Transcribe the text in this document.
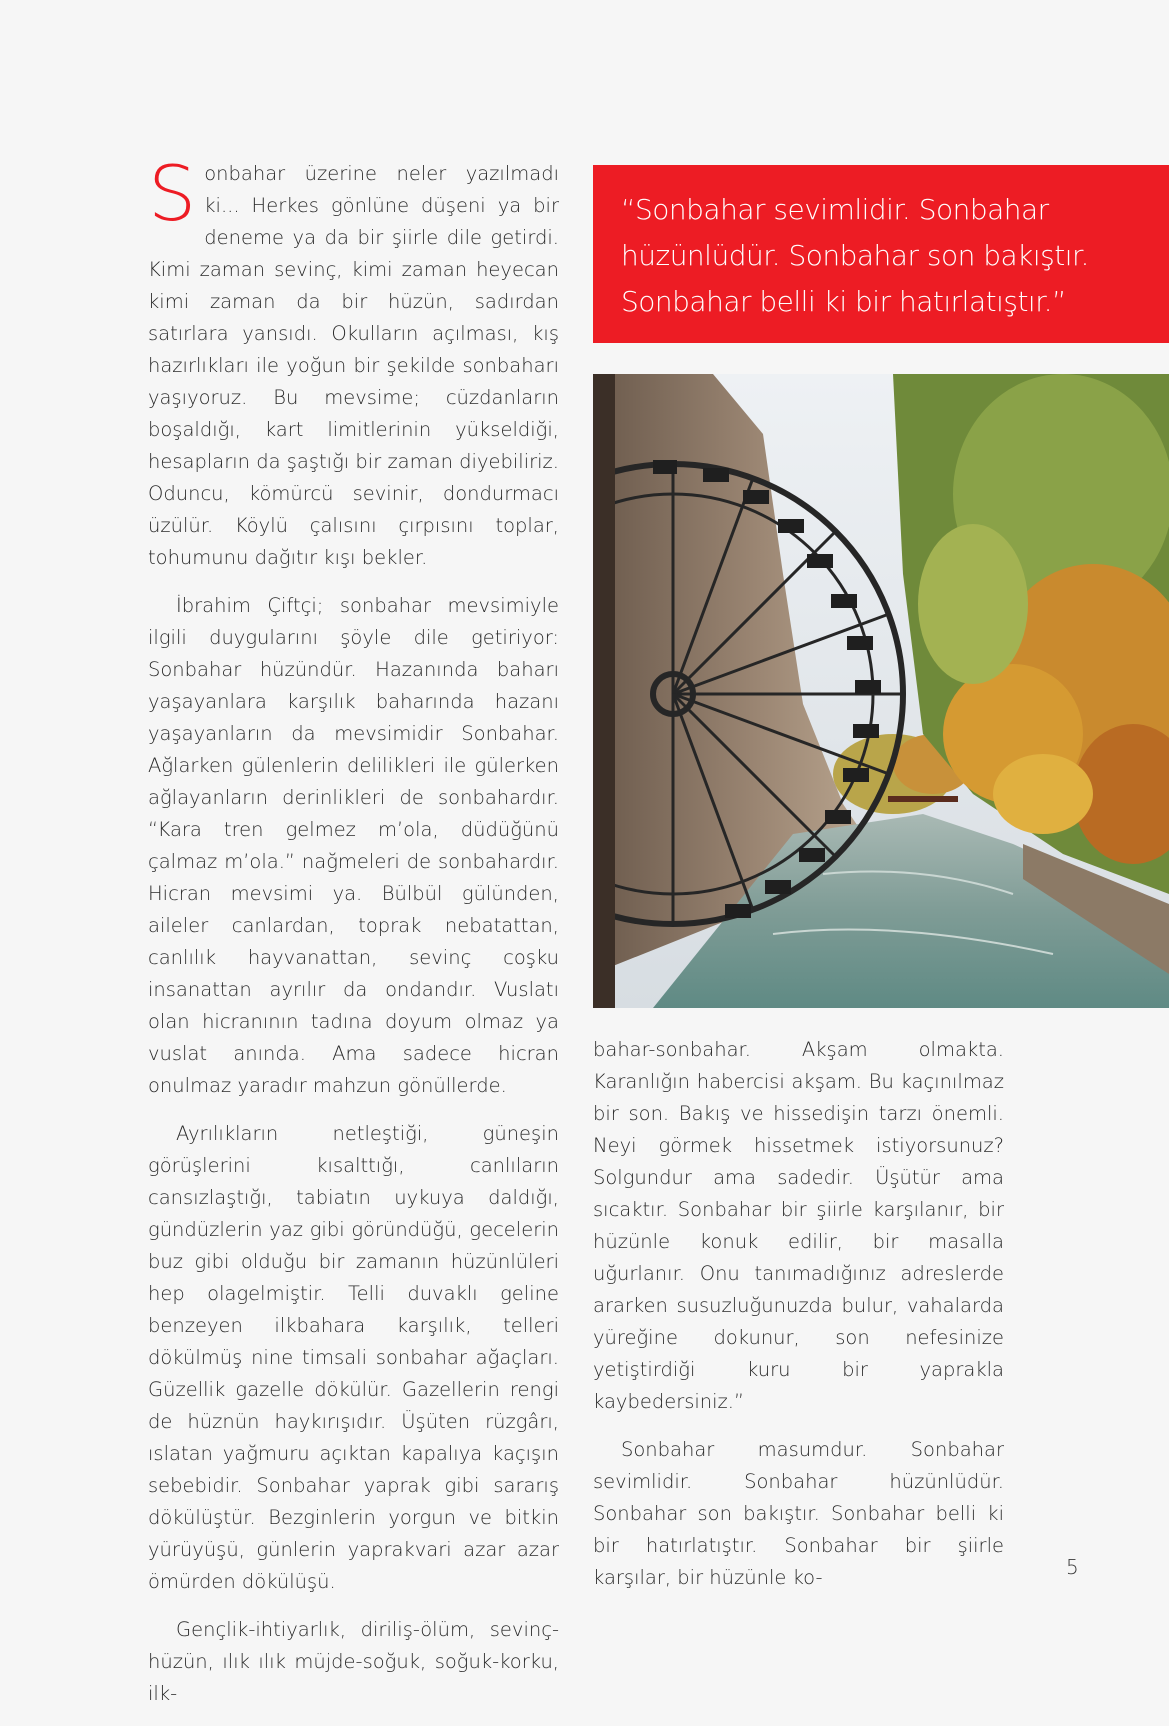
Sonbahar üzerine neler yazılmadı ki... Herkes gönlüne düşeni ya bir deneme ya da bir şiirle dile getirdi. Kimi zaman sevinç, kimi zaman heyecan kimi zaman da bir hüzün, sadırdan satırlara yansıdı. Okulların açılması, kış hazırlıkları ile yoğun bir şekilde sonbaharı yaşıyoruz. Bu mevsime; cüzdanların boşaldığı, kart limitlerinin yükseldiği, hesapların da şaştığı bir zaman diyebiliriz. Oduncu, kömürcü sevinir, dondurmacı üzülür. Köylü çalısını çırpısını toplar, tohumunu dağıtır kışı bekler.

İbrahim Çiftçi; sonbahar mevsimiyle ilgili duygularını şöyle dile getiriyor: Sonbahar hüzündür. Hazanında baharı yaşayanlara karşılık baharında hazanı yaşayanların da mevsimidir Sonbahar. Ağlarken gülenlerin delilikleri ile gülerken ağlayanların derinlikleri de sonbahardır. “Kara tren gelmez m’ola, düdüğünü çalmaz m’ola.” nağmeleri de sonbahardır. Hicran mevsimi ya. Bülbül gülünden, aileler canlardan, toprak nebatattan, canlılık hayvanattan, sevinç coşku insanattan ayrılır da ondandır. Vuslatı olan hicranının tadına doyum olmaz ya vuslat anında. Ama sadece hicran onulmaz yaradır mahzun gönüllerde.

Ayrılıkların netleştiği, güneşin görüşlerini kısalttığı, canlıların cansızlaştığı, tabiatın uykuya daldığı, gündüzlerin yaz gibi göründüğü, gecelerin buz gibi olduğu bir zamanın hüzünlüleri hep olagelmiştir. Telli duvaklı geline benzeyen ilkbahara karşılık, telleri dökülmüş nine timsali sonbahar ağaçları. Güzellik gazelle dökülür. Gazellerin rengi de hüznün haykırışıdır. Üşüten rüzgârı, ıslatan yağmuru açıktan kapalıya kaçışın sebebidir. Sonbahar yaprak gibi sararış dökülüştür. Bezginlerin yorgun ve bitkin yürüyüşü, günlerin yaprakvari azar azar ömürden dökülüşü.

Gençlik-ihtiyarlık, diriliş-ölüm, sevinç-hüzün, ılık ılık müjde-soğuk, soğuk-korku, ilk-

“Sonbahar sevimlidir. Sonbahar hüzünlüdür. Sonbahar son bakıştır. Sonbahar belli ki bir hatırlatıştır.”

bahar-sonbahar. Akşam olmakta. Karanlığın habercisi akşam. Bu kaçınılmaz bir son. Bakış ve hissedişin tarzı önemli. Neyi görmek hissetmek istiyorsunuz? Solgundur ama sadedir. Üşütür ama sıcaktır. Sonbahar bir şiirle karşılanır, bir hüzünle konuk edilir, bir masalla uğurlanır. Onu tanımadığınız adreslerde ararken susuzluğunuzda bulur, vahalarda yüreğine dokunur, son nefesinize yetiştirdiği kuru bir yaprakla kaybedersiniz.”

Sonbahar masumdur. Sonbahar sevimlidir. Sonbahar hüzünlüdür. Sonbahar son bakıştır. Sonbahar belli ki bir hatırlatıştır. Sonbahar bir şiirle karşılar, bir hüzünle ko-	5
